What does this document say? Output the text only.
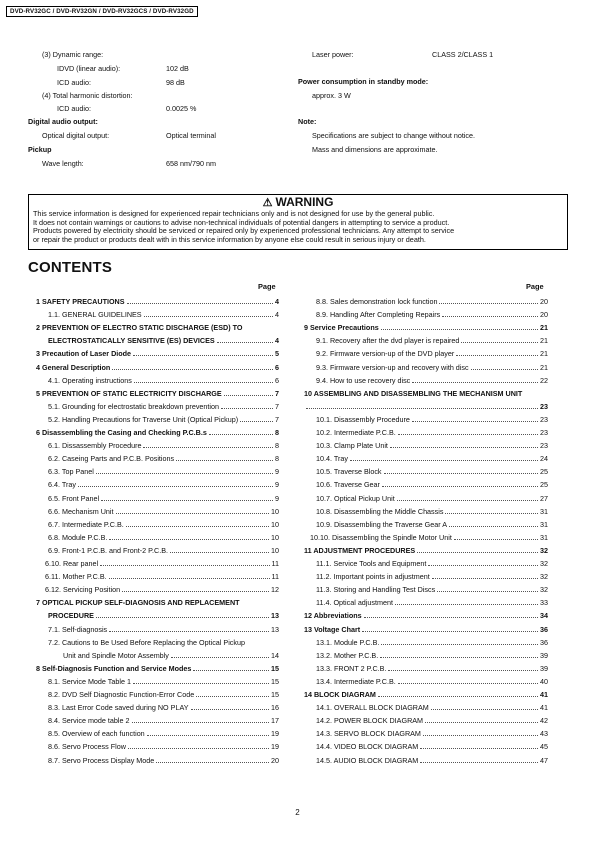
DVD-RV32GC / DVD-RV32GN / DVD-RV32GCS / DVD-RV32GD
(3) Dynamic range:
IDVD (linear audio):	102 dB
ICD audio:	98 dB
(4) Total harmonic distortion:
ICD audio:	0.0025 %
Digital audio output:
Optical digital output:	Optical terminal
Pickup
Wave length:	658 nm/790 nm
Laser power:	CLASS 2/CLASS 1
Power consumption in standby mode:
approx. 3 W
Note:
Specifications are subject to change without notice.
Mass and dimensions are approximate.
⚠ WARNING
This service information is designed for experienced repair technicians only and is not designed for use by the general public.
It does not contain warnings or cautions to advise non-technical individuals of potential dangers in attempting to service a product.
Products powered by electricity should be serviced or repaired only by experienced professional technicians. Any attempt to service
or repair the product or products dealt with in this service information by anyone else could result in serious injury or death.
CONTENTS
Page	Page
1 SAFETY PRECAUTIONS	4
1.1. GENERAL GUIDELINES	4
2 PREVENTION OF ELECTRO STATIC DISCHARGE (ESD) TO
ELECTROSTATICALLY SENSITIVE (ES) DEVICES	4
3 Precaution of Laser Diode	5
4 General Description	6
4.1. Operating instructions	6
5 PREVENTION OF STATIC ELECTRICITY DISCHARGE	7
5.1. Grounding for electrostatic breakdown prevention	7
5.2. Handling Precautions for Traverse Unit (Optical Pickup)	7
6 Disassembling the Casing and Checking P.C.B.s	8
6.1. Dissassembly Procedure	8
6.2. Caseing Parts and P.C.B. Positions	8
6.3. Top Panel	9
6.4. Tray	9
6.5. Front Panel	9
6.6. Mechanism Unit	10
6.7. Intermediate P.C.B.	10
6.8. Module P.C.B.	10
6.9. Front-1 P.C.B. and Front-2 P.C.B.	10
6.10. Rear panel	11
6.11. Mother P.C.B.	11
6.12. Servicing Position	12
7 OPTICAL PICKUP SELF-DIAGNOSIS AND REPLACEMENT
PROCEDURE	13
7.1. Self-diagnosis	13
7.2. Cautions to Be Used Before Replacing the Optical Pickup
Unit and Spindle Motor Assembly	14
8 Self-Diagnosis Function and Service Modes	15
8.1. Service Mode Table 1	15
8.2. DVD Self Diagnostic Function-Error Code	15
8.3. Last Error Code saved during NO PLAY	16
8.4. Service mode table 2	17
8.5. Overview of each function	19
8.6. Servo Process Flow	19
8.7. Servo Process Display Mode	20
8.8. Sales demonstration lock function	20
8.9. Handling After Completing Repairs	20
9 Service Precautions	21
9.1. Recovery after the dvd player is repaired	21
9.2. Firmware version-up of the DVD player	21
9.3. Firmware version-up and recovery with disc	21
9.4. How to use recovery disc	22
10 ASSEMBLING AND DISASSEMBLING THE MECHANISM UNIT
23
10.1. Disassembly Procedure	23
10.2. Intermediate P.C.B.	23
10.3. Clamp Plate Unit	23
10.4. Tray	24
10.5. Traverse Block	25
10.6. Traverse Gear	25
10.7. Optical Pickup Unit	27
10.8. Disassembling the Middle Chassis	31
10.9. Disassembling the Traverse Gear A	31
10.10. Disassembling the Spindle Motor Unit	31
11 ADJUSTMENT PROCEDURES	32
11.1. Service Tools and Equipment	32
11.2. Important points in adjustment	32
11.3. Storing and Handling Test Discs	32
11.4. Optical adjustment	33
12 Abbreviations	34
13 Voltage Chart	36
13.1. Module P.C.B.	36
13.2. Mother P.C.B.	39
13.3. FRONT 2 P.C.B.	39
13.4. Intermediate P.C.B.	40
14 BLOCK DIAGRAM	41
14.1. OVERALL BLOCK DIAGRAM	41
14.2. POWER BLOCK DIAGRAM	42
14.3. SERVO BLOCK DIAGRAM	43
14.4. VIDEO BLOCK DIAGRAM	45
14.5. AUDIO BLOCK DIAGRAM	47
2
